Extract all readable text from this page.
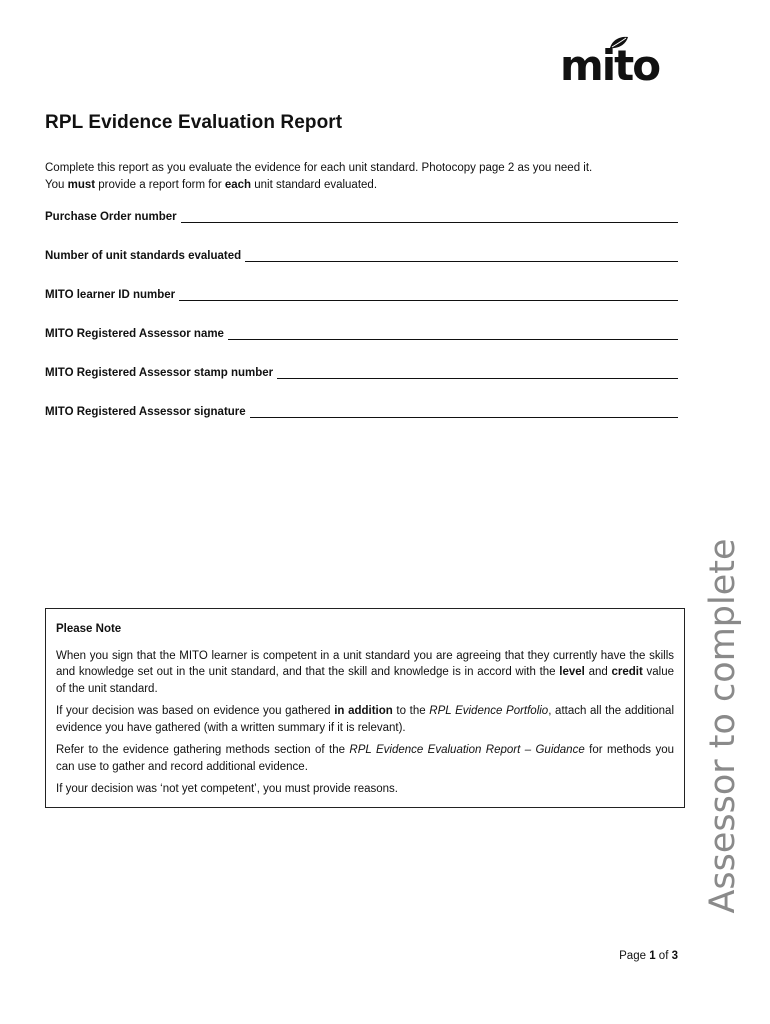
mito
RPL Evidence Evaluation Report
Complete this report as you evaluate the evidence for each unit standard. Photocopy page 2 as you need it.
You must provide a report form for each unit standard evaluated.
Purchase Order number
Number of unit standards evaluated
MITO learner ID number
MITO Registered Assessor name
MITO Registered Assessor stamp number
MITO Registered Assessor signature

Please Note

When you sign that the MITO learner is competent in a unit standard you are agreeing that they currently have the skills and knowledge set out in the unit standard, and that the skill and knowledge is in accord with the level and credit value of the unit standard.

If your decision was based on evidence you gathered in addition to the RPL Evidence Portfolio, attach all the additional evidence you have gathered (with a written summary if it is relevant).

Refer to the evidence gathering methods section of the RPL Evidence Evaluation Report – Guidance for methods you can use to gather and record additional evidence.

If your decision was ‘not yet competent’, you must provide reasons.	Assessor to complete
Page 1 of 3
